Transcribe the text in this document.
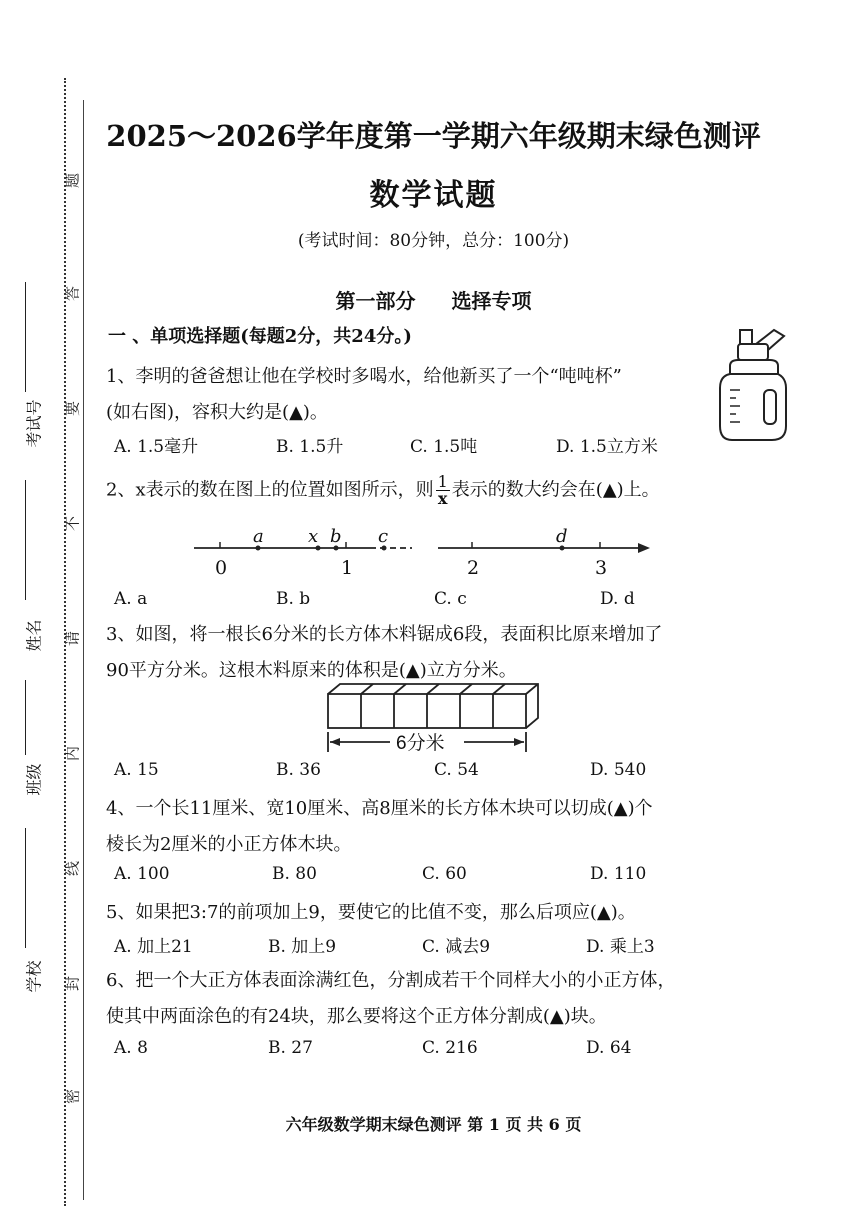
题
答
要
不
请
内
线
封
密
考试号
姓名
班级
学校
2025～2026学年度第一学期六年级期末绿色测评
数学试题
(考试时间：80分钟，总分：100分)
第一部分 选择专项
一 、单项选择题(每题2分，共24分。)
1、李明的爸爸想让他在学校时多喝水，给他新买了一个“吨吨杯”
(如右图)，容积大约是(▲)。
A. 1.5毫升	B. 1.5升	C. 1.5吨	D. 1.5立方米
2、x表示的数在图上的位置如图所示，则 $\frac{1}{x}$ 表示的数大约会在(▲)上。
a x b c	d
0	1	2	3
A. a	B. b	C. c	D. d
3、如图，将一根长6分米的长方体木料锯成6段，表面积比原来增加了
90平方分米。这根木料原来的体积是(▲)立方分米。
6分米
A. 15	B. 36	C. 54	D. 540
4、一个长11厘米、宽10厘米、高8厘米的长方体木块可以切成(▲)个
棱长为2厘米的小正方体木块。
A. 100	B. 80	C. 60	D. 110
5、如果把3:7的前项加上9，要使它的比值不变，那么后项应(▲)。
A. 加上21	B. 加上9	C. 减去9	D. 乘上3
6、把一个大正方体表面涂满红色，分割成若干个同样大小的小正方体，
使其中两面涂色的有24块，那么要将这个正方体分割成(▲)块。
A. 8	B. 27	C. 216	D. 64
六年级数学期末绿色测评 第 1 页 共 6 页
